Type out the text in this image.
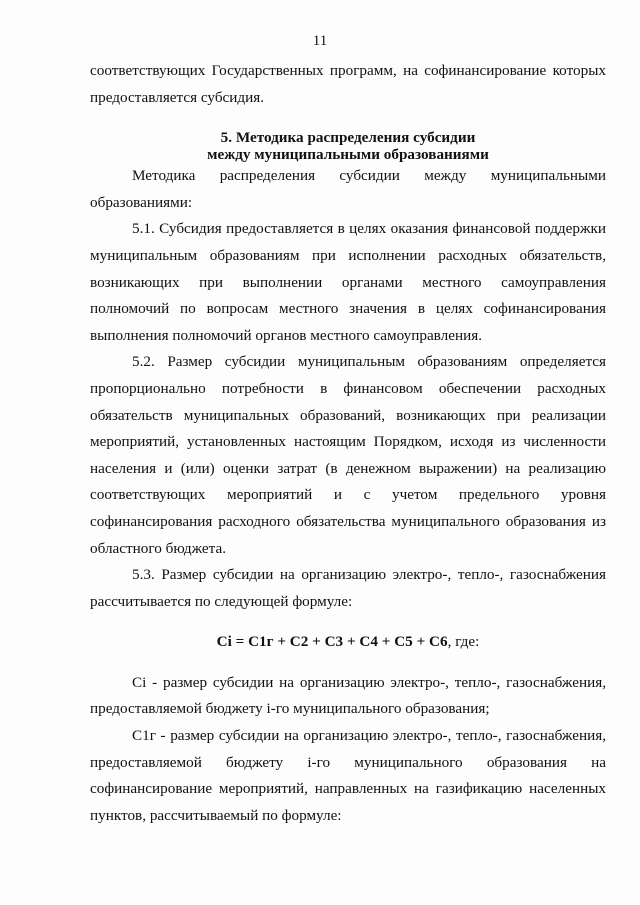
11

соответствующих Государственных программ, на софинансирование которых предоставляется субсидия.

5. Методика распределения субсидии
между муниципальными образованиями

Методика распределения субсидии между муниципальными образованиями:

5.1. Субсидия предоставляется в целях оказания финансовой поддержки муниципальным образованиям при исполнении расходных обязательств, возникающих при выполнении органами местного самоуправления полномочий по вопросам местного значения в целях софинансирования выполнения полномочий органов местного самоуправления.

5.2. Размер субсидии муниципальным образованиям определяется пропорционально потребности в финансовом обеспечении расходных обязательств муниципальных образований, возникающих при реализации мероприятий, установленных настоящим Порядком, исходя из численности населения и (или) оценки затрат (в денежном выражении) на реализацию соответствующих мероприятий и с учетом предельного уровня софинансирования расходного обязательства муниципального образования из областного бюджета.

5.3. Размер субсидии на организацию электро-, тепло-, газоснабжения рассчитывается по следующей формуле:

Ci = C1г + C2 + C3 + C4 + C5 + C6, где:

Ci - размер субсидии на организацию электро-, тепло-, газоснабжения, предоставляемой бюджету i-го муниципального образования;

С1г - размер субсидии на организацию электро-, тепло-, газоснабжения, предоставляемой бюджету i-го муниципального образования на софинансирование мероприятий, направленных на газификацию населенных пунктов, рассчитываемый по формуле:
